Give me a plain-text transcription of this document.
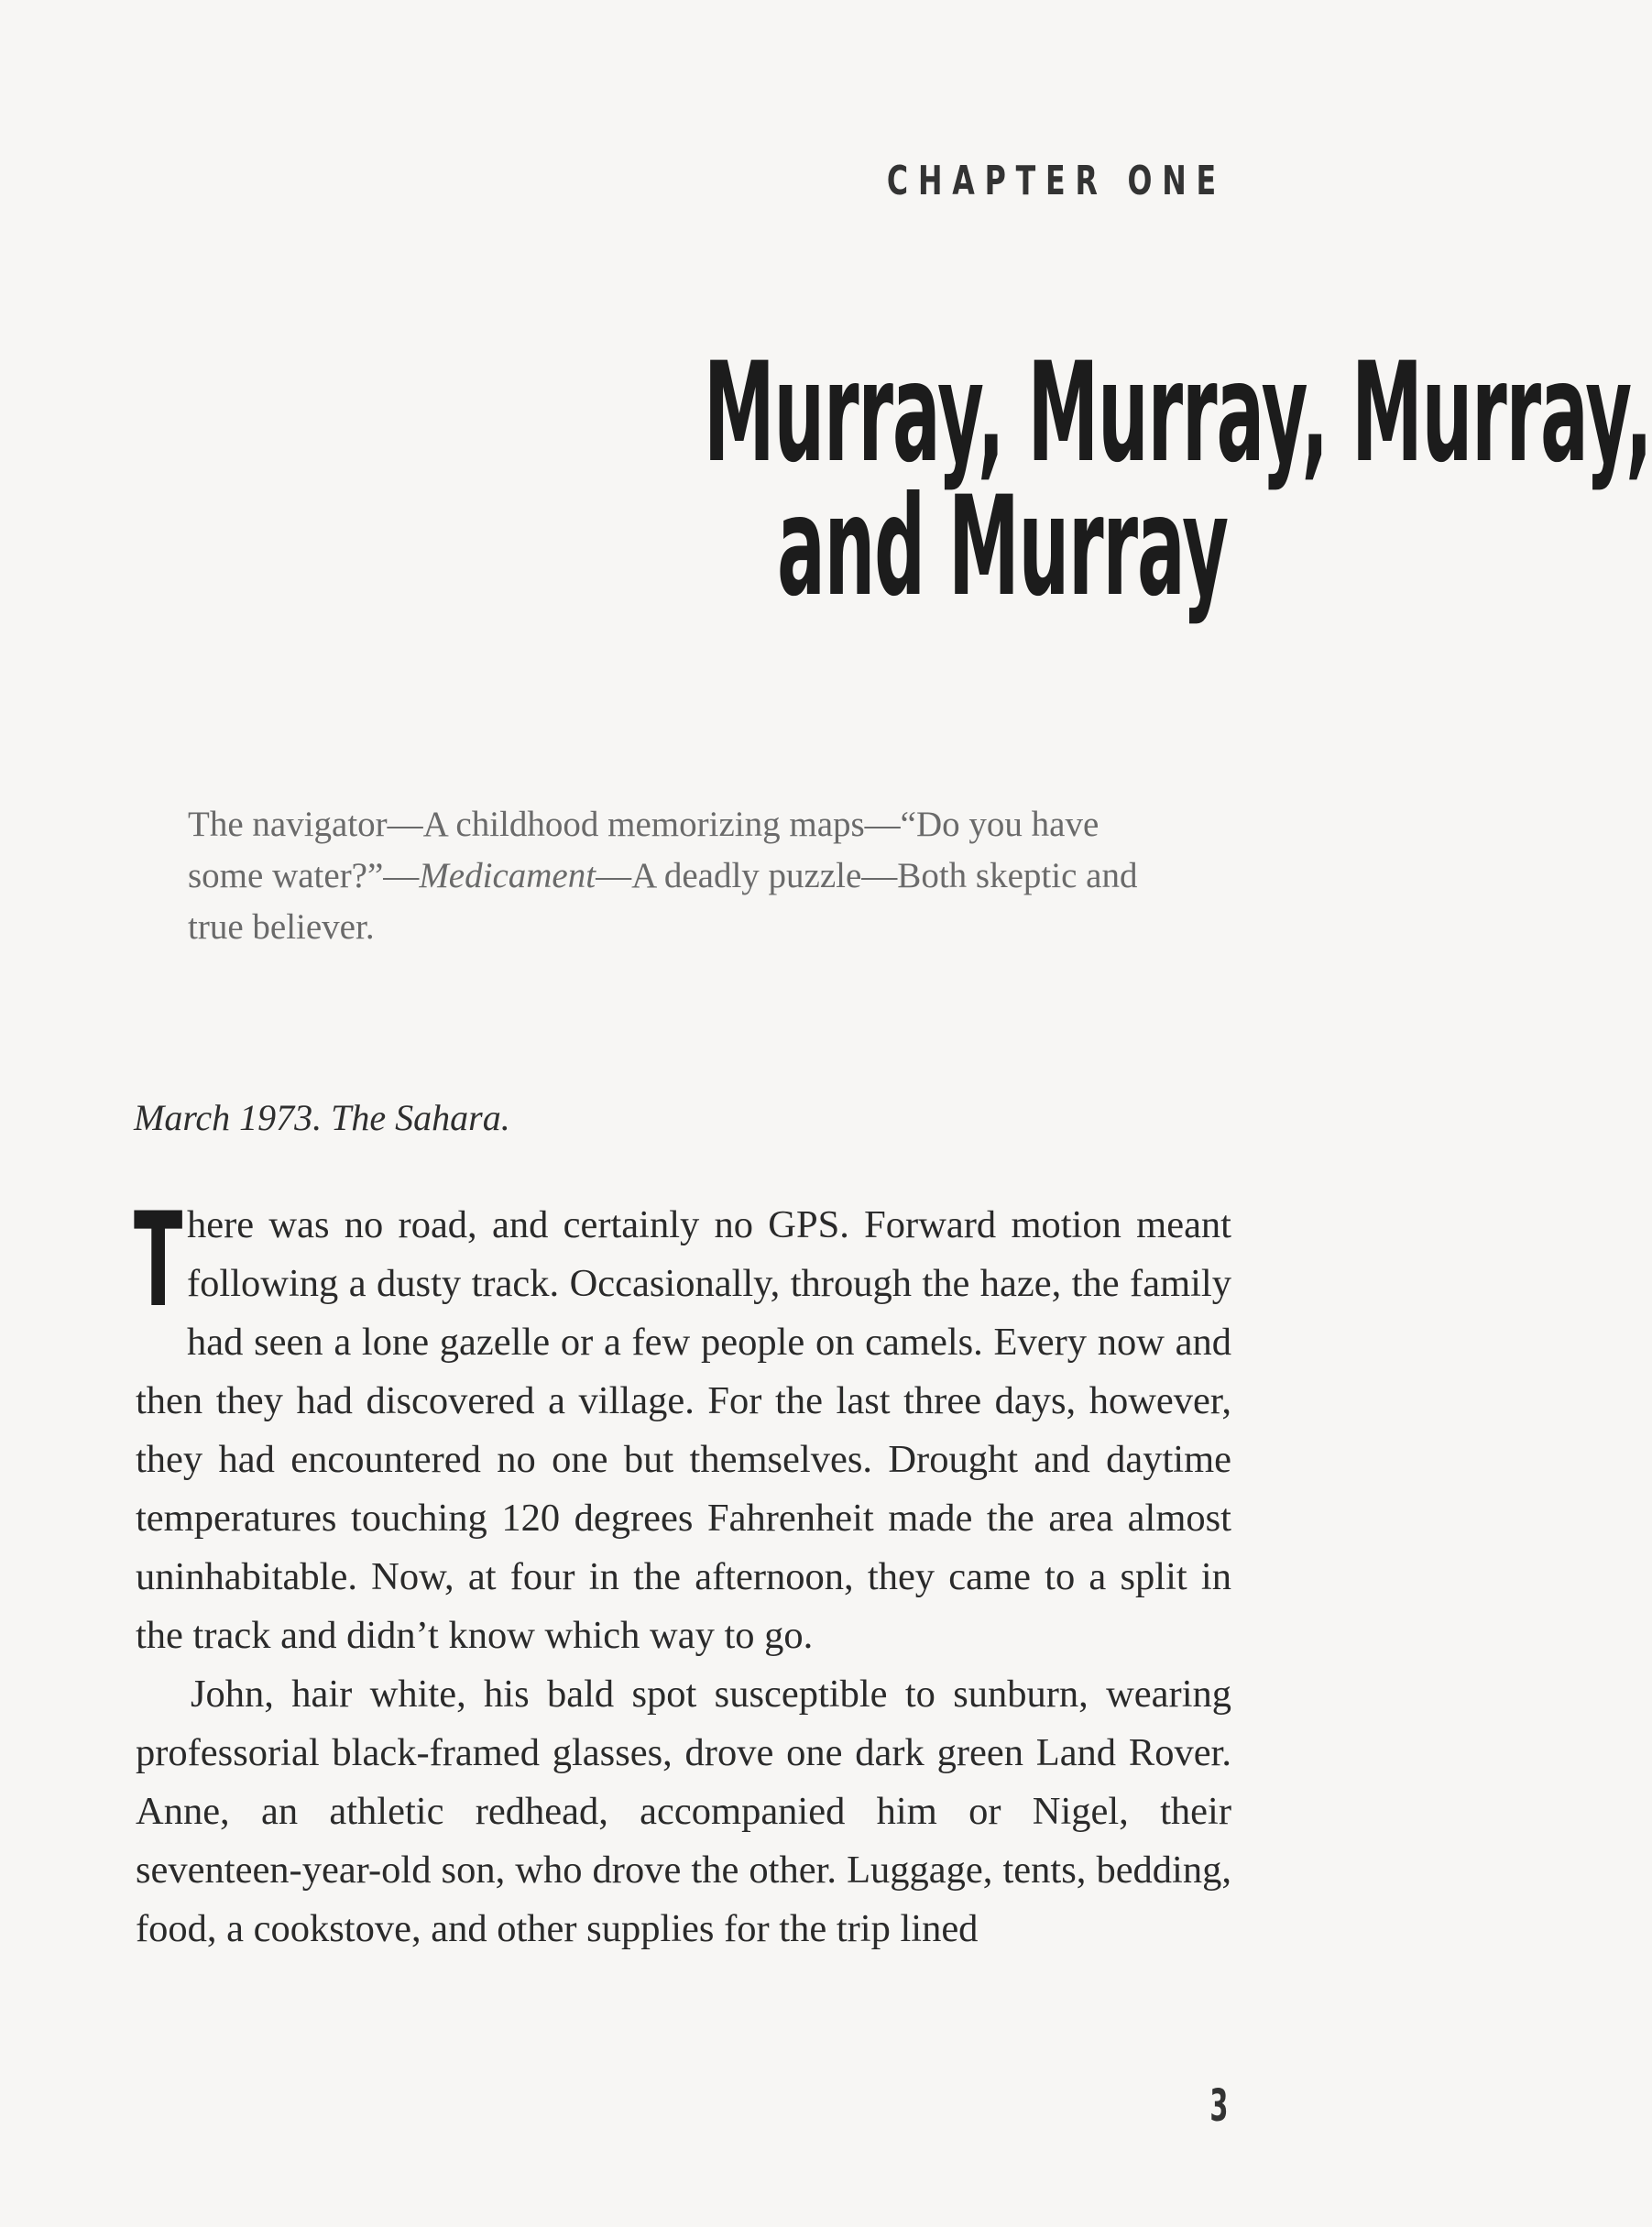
CHAPTER ONE
Murray, Murray, Murray,
and Murray
The navigator—A childhood memorizing maps—“Do you have some water?”—Medicament—A deadly puzzle—Both skeptic and true believer.
March 1973. The Sahara.

There was no road, and certainly no GPS. Forward motion meant following a dusty track. Occasionally, through the haze, the family had seen a lone gazelle or a few people on camels. Every now and then they had discovered a village. For the last three days, however, they had encountered no one but themselves. Drought and daytime temperatures touching 120 degrees Fahrenheit made the area almost uninhabitable. Now, at four in the afternoon, they came to a split in the track and didn’t know which way to go.

John, hair white, his bald spot susceptible to sunburn, wearing professorial black-framed glasses, drove one dark green Land Rover. Anne, an athletic redhead, accompanied him or Nigel, their seventeen-year-old son, who drove the other. Luggage, tents, bedding, food, a cookstove, and other supplies for the trip lined

3
